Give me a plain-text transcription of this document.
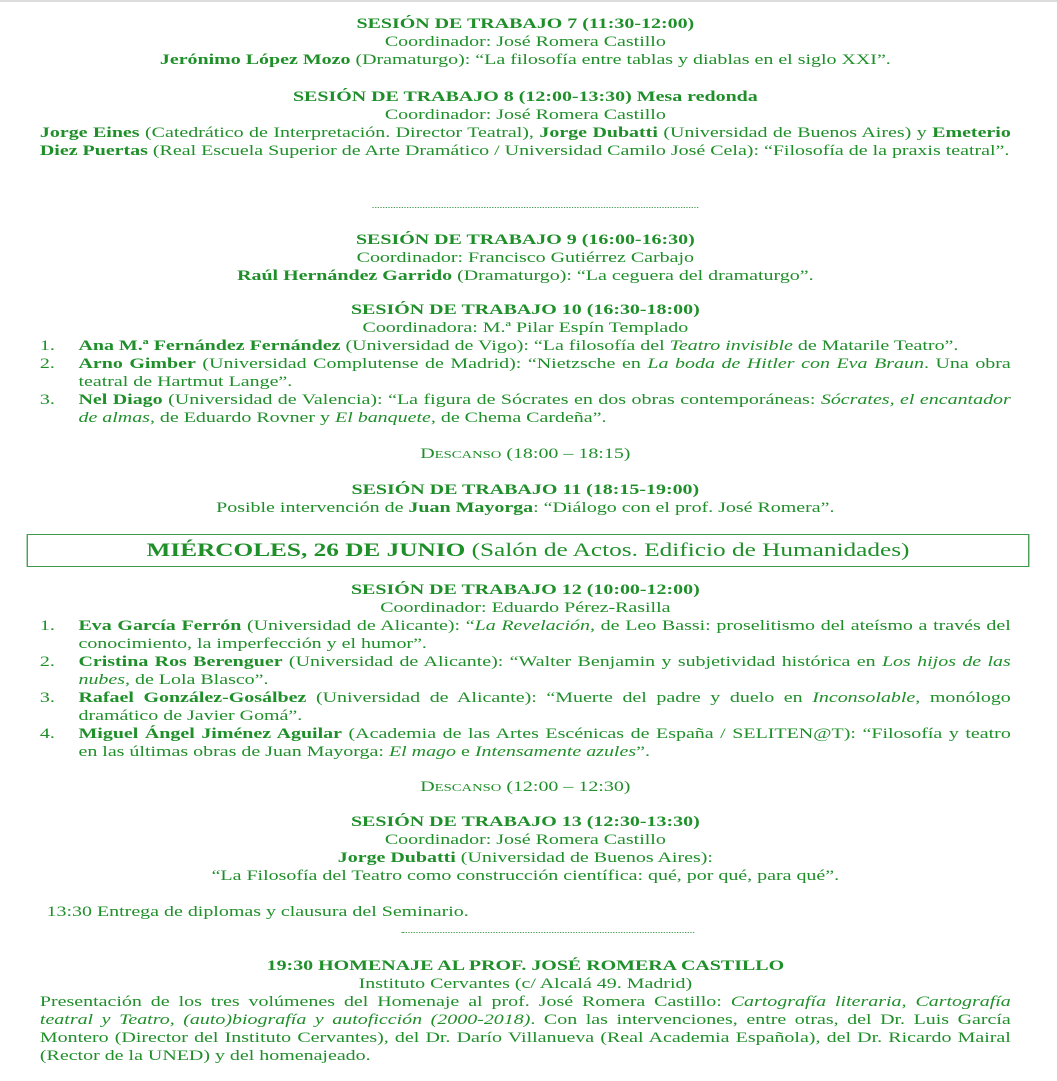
SESIÓN DE TRABAJO 7 (11:30-12:00)
Coordinador: José Romera Castillo
Jerónimo López Mozo (Dramaturgo): “La filosofía entre tablas y diablas en el siglo XXI”.
SESIÓN DE TRABAJO 8 (12:00-13:30) Mesa redonda
Coordinador: José Romera Castillo
Jorge Eines (Catedrático de Interpretación. Director Teatral), Jorge Dubatti (Universidad de Buenos Aires) y Emeterio Diez Puertas (Real Escuela Superior de Arte Dramático / Universidad Camilo José Cela): “Filosofía de la praxis teatral”.
SESIÓN DE TRABAJO 9 (16:00-16:30)
Coordinador: Francisco Gutiérrez Carbajo
Raúl Hernández Garrido (Dramaturgo): “La ceguera del dramaturgo”.
SESIÓN DE TRABAJO 10 (16:30-18:00)
Coordinadora: M.ª Pilar Espín Templado
1. Ana M.ª Fernández Fernández (Universidad de Vigo): “La filosofía del Teatro invisible de Matarile Teatro”.
2. Arno Gimber (Universidad Complutense de Madrid): “Nietzsche en La boda de Hitler con Eva Braun. Una obra teatral de Hartmut Lange”.
3. Nel Diago (Universidad de Valencia): “La figura de Sócrates en dos obras contemporáneas: Sócrates, el encantador de almas, de Eduardo Rovner y El banquete, de Chema Cardeña”.
Descanso (18:00 – 18:15)
SESIÓN DE TRABAJO 11 (18:15-19:00)
Posible intervención de Juan Mayorga: “Diálogo con el prof. José Romera”.
MIÉRCOLES, 26 DE JUNIO (Salón de Actos. Edificio de Humanidades)
SESIÓN DE TRABAJO 12 (10:00-12:00)
Coordinador: Eduardo Pérez-Rasilla
1. Eva García Ferrón (Universidad de Alicante): “La Revelación, de Leo Bassi: proselitismo del ateísmo a través del conocimiento, la imperfección y el humor”.
2. Cristina Ros Berenguer (Universidad de Alicante): “Walter Benjamin y subjetividad histórica en Los hijos de las nubes, de Lola Blasco”.
3. Rafael González-Gosálbez (Universidad de Alicante): “Muerte del padre y duelo en Inconsolable, monólogo dramático de Javier Gomá”.
4. Miguel Ángel Jiménez Aguilar (Academia de las Artes Escénicas de España / SELITEN@T): “Filosofía y teatro en las últimas obras de Juan Mayorga: El mago e Intensamente azules”.
Descanso (12:00 – 12:30)
SESIÓN DE TRABAJO 13 (12:30-13:30)
Coordinador: José Romera Castillo
Jorge Dubatti (Universidad de Buenos Aires):
“La Filosofía del Teatro como construcción científica: qué, por qué, para qué”.
13:30 Entrega de diplomas y clausura del Seminario.
19:30 HOMENAJE AL PROF. JOSÉ ROMERA CASTILLO
Instituto Cervantes (c/ Alcalá 49. Madrid)
Presentación de los tres volúmenes del Homenaje al prof. José Romera Castillo: Cartografía literaria, Cartografía teatral y Teatro, (auto)biografía y autoficción (2000-2018). Con las intervenciones, entre otras, del Dr. Luis García Montero (Director del Instituto Cervantes), del Dr. Darío Villanueva (Real Academia Española), del Dr. Ricardo Mairal (Rector de la UNED) y del homenajeado.
